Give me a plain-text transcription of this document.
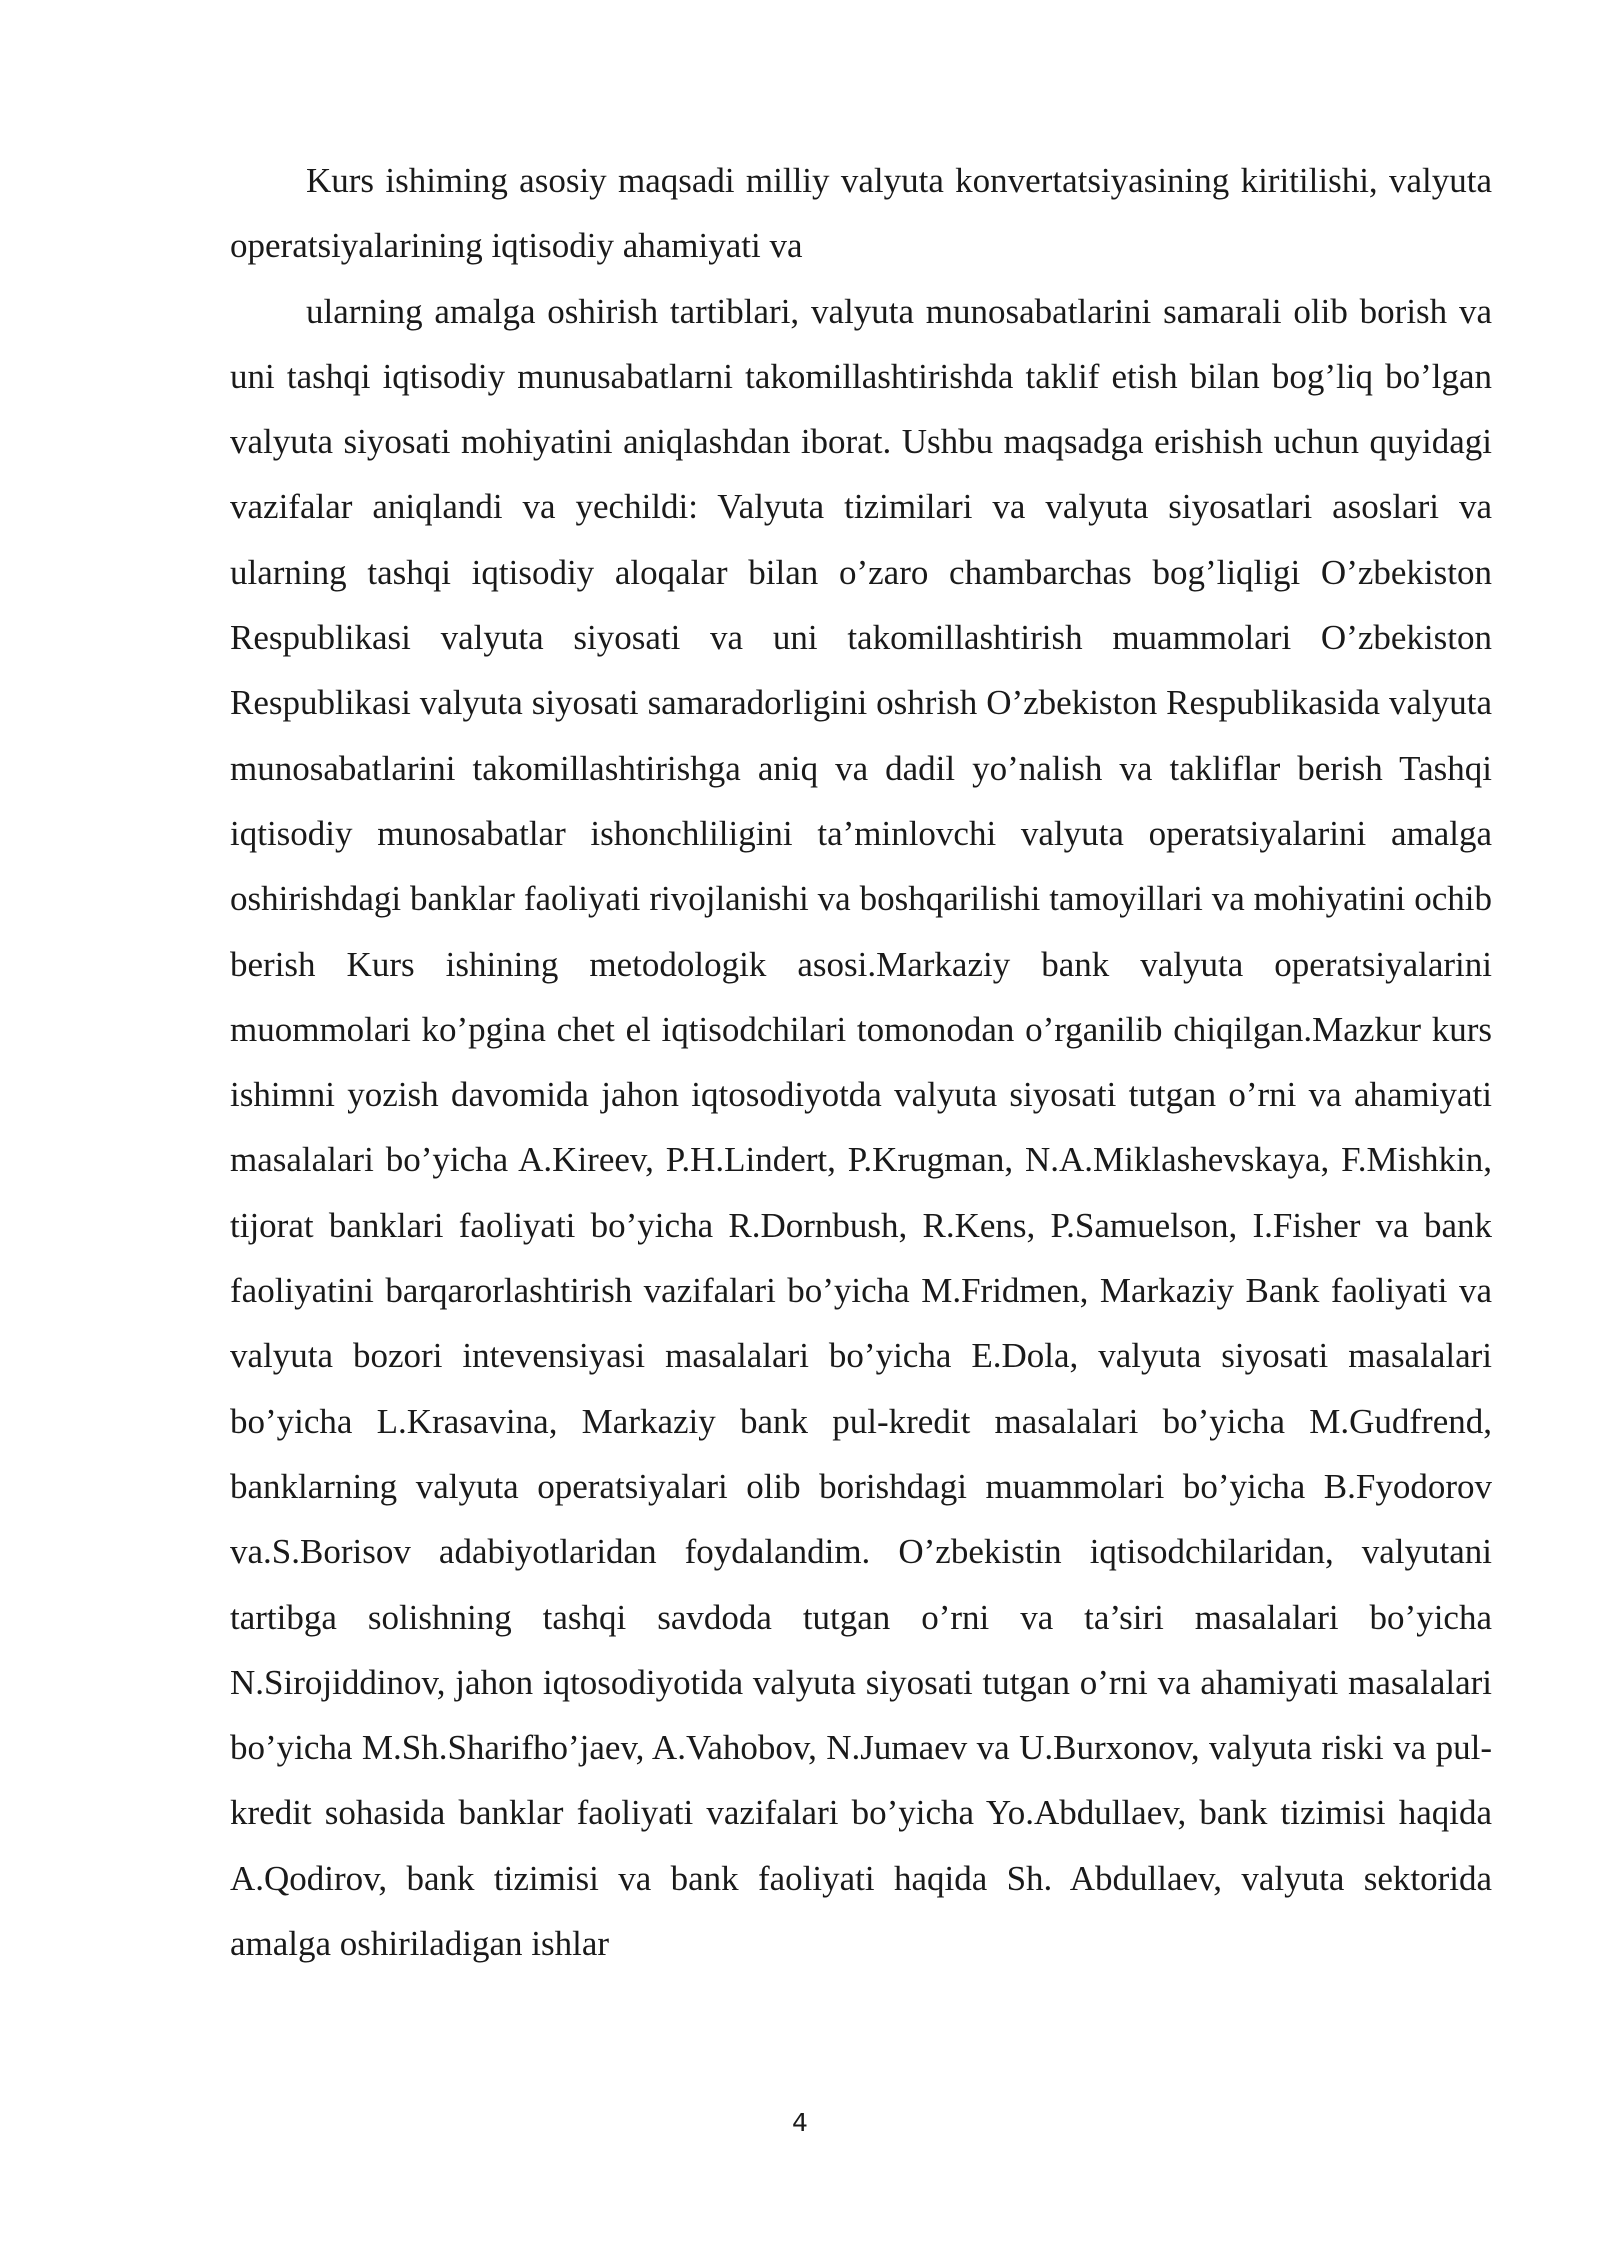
Kurs ishiming asosiy maqsadi milliy valyuta konvertatsiyasining kiritilishi, valyuta operatsiyalarining iqtisodiy ahamiyati va

ularning amalga oshirish tartiblari, valyuta munosabatlarini samarali olib borish va uni tashqi iqtisodiy munusabatlarni takomillashtirishda taklif etish bilan bog’liq bo’lgan valyuta siyosati mohiyatini aniqlashdan iborat. Ushbu maqsadga erishish uchun quyidagi vazifalar aniqlandi va yechildi: Valyuta tizimilari va valyuta siyosatlari asoslari va ularning tashqi iqtisodiy aloqalar bilan o’zaro chambarchas bog’liqligi O’zbekiston Respublikasi valyuta siyosati va uni takomillashtirish muammolari O’zbekiston Respublikasi valyuta siyosati samaradorligini oshrish O’zbekiston Respublikasida valyuta munosabatlarini takomillashtirishga aniq va dadil yo’nalish va takliflar berish Tashqi iqtisodiy munosabatlar ishonchliligini ta’minlovchi valyuta operatsiyalarini amalga oshirishdagi banklar faoliyati rivojlanishi va boshqarilishi tamoyillari va mohiyatini ochib berish Kurs ishining metodologik asosi.Markaziy bank valyuta operatsiyalarini muommolari ko’pgina chet el iqtisodchilari tomonodan o’rganilib chiqilgan.Mazkur kurs ishimni yozish davomida jahon iqtosodiyotda valyuta siyosati tutgan o’rni va ahamiyati masalalari bo’yicha A.Kireev, P.H.Lindert, P.Krugman, N.A.Miklashevskaya, F.Mishkin, tijorat banklari faoliyati bo’yicha R.Dornbush, R.Kens, P.Samuelson, I.Fisher va bank faoliyatini barqarorlashtirish vazifalari bo’yicha M.Fridmen, Markaziy Bank faoliyati va valyuta bozori intevensiyasi masalalari bo’yicha E.Dola, valyuta siyosati masalalari bo’yicha L.Krasavina, Markaziy bank pul-kredit masalalari bo’yicha M.Gudfrend, banklarning valyuta operatsiyalari olib borishdagi muammolari bo’yicha B.Fyodorov va.S.Borisov adabiyotlaridan foydalandim. O’zbekistin iqtisodchilaridan, valyutani tartibga solishning tashqi savdoda tutgan o’rni va ta’siri masalalari bo’yicha N.Sirojiddinov, jahon iqtosodiyotida valyuta siyosati tutgan o’rni va ahamiyati masalalari bo’yicha M.Sh.Sharifho’jaev, A.Vahobov, N.Jumaev va U.Burxonov, valyuta riski va pul-kredit sohasida banklar faoliyati vazifalari bo’yicha Yo.Abdullaev, bank tizimisi haqida A.Qodirov, bank tizimisi va bank faoliyati haqida Sh. Abdullaev, valyuta sektorida amalga oshiriladigan ishlar

4
